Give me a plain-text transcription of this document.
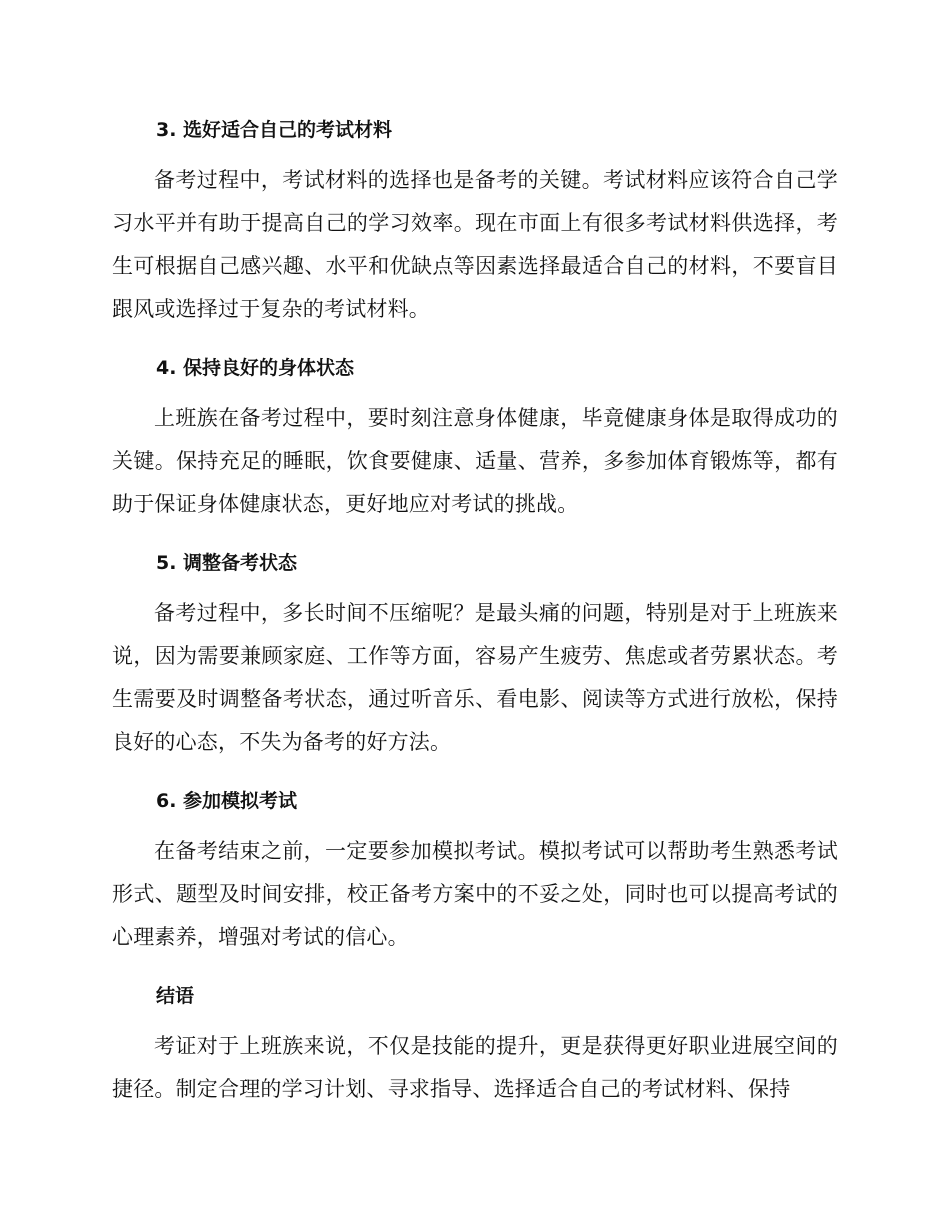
3. 选好适合自己的考试材料

备考过程中，考试材料的选择也是备考的关键。考试材料应该符合自己学习水平并有助于提高自己的学习效率。现在市面上有很多考试材料供选择，考生可根据自己感兴趣、水平和优缺点等因素选择最适合自己的材料，不要盲目跟风或选择过于复杂的考试材料。

4. 保持良好的身体状态

上班族在备考过程中，要时刻注意身体健康，毕竟健康身体是取得成功的关键。保持充足的睡眠，饮食要健康、适量、营养，多参加体育锻炼等，都有助于保证身体健康状态，更好地应对考试的挑战。

5. 调整备考状态

备考过程中，多长时间不压缩呢？是最头痛的问题，特别是对于上班族来说，因为需要兼顾家庭、工作等方面，容易产生疲劳、焦虑或者劳累状态。考生需要及时调整备考状态，通过听音乐、看电影、阅读等方式进行放松，保持良好的心态，不失为备考的好方法。

6. 参加模拟考试

在备考结束之前，一定要参加模拟考试。模拟考试可以帮助考生熟悉考试形式、题型及时间安排，校正备考方案中的不妥之处，同时也可以提高考试的心理素养，增强对考试的信心。

结语

考证对于上班族来说，不仅是技能的提升，更是获得更好职业进展空间的捷径。制定合理的学习计划、寻求指导、选择适合自己的考试材料、保持
